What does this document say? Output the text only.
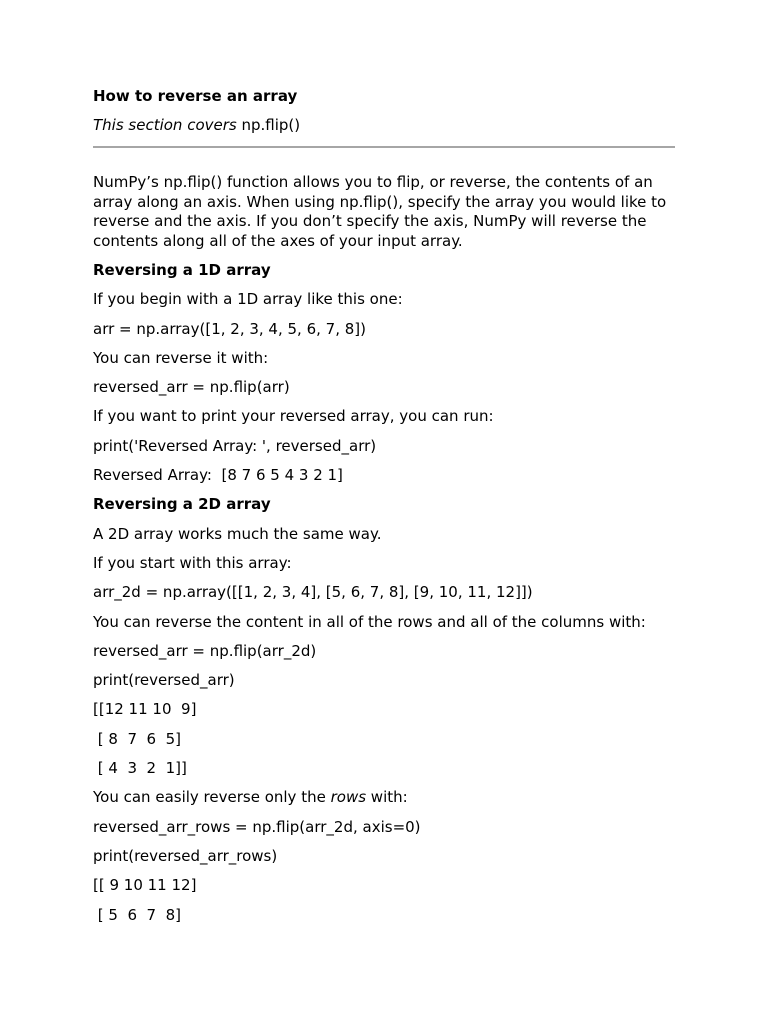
How to reverse an array
This section covers np.flip()
NumPy’s np.flip() function allows you to flip, or reverse, the contents of an array along an axis. When using np.flip(), specify the array you would like to reverse and the axis. If you don’t specify the axis, NumPy will reverse the contents along all of the axes of your input array.
Reversing a 1D array
If you begin with a 1D array like this one:
arr = np.array([1, 2, 3, 4, 5, 6, 7, 8])
You can reverse it with:
reversed_arr = np.flip(arr)
If you want to print your reversed array, you can run:
print('Reversed Array: ', reversed_arr)
Reversed Array:  [8 7 6 5 4 3 2 1]
Reversing a 2D array
A 2D array works much the same way.
If you start with this array:
arr_2d = np.array([[1, 2, 3, 4], [5, 6, 7, 8], [9, 10, 11, 12]])
You can reverse the content in all of the rows and all of the columns with:
reversed_arr = np.flip(arr_2d)
print(reversed_arr)
[[12 11 10  9]
[ 8  7  6  5]
[ 4  3  2  1]]
You can easily reverse only the rows with:
reversed_arr_rows = np.flip(arr_2d, axis=0)
print(reversed_arr_rows)
[[ 9 10 11 12]
[ 5  6  7  8]
